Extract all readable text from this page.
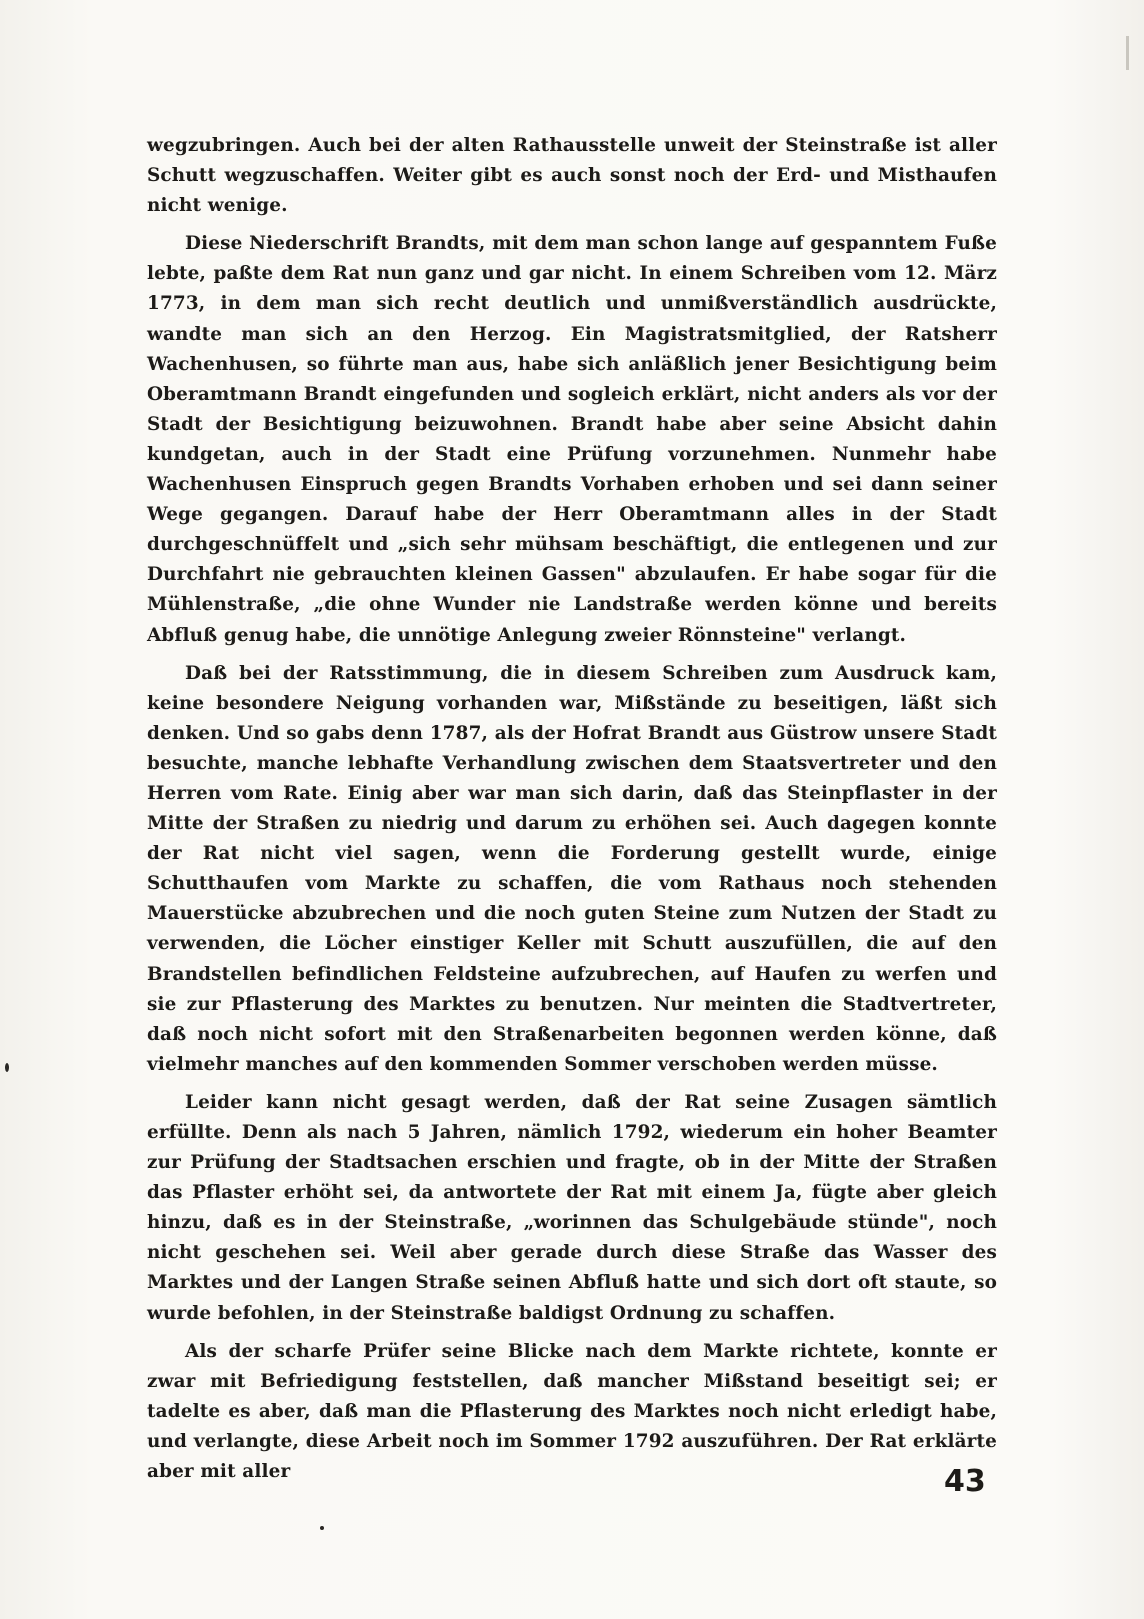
wegzubringen. Auch bei der alten Rathausstelle unweit der Steinstraße ist aller Schutt wegzuschaffen. Weiter gibt es auch sonst noch der Erd- und Misthaufen nicht wenige.

Diese Niederschrift Brandts, mit dem man schon lange auf gespanntem Fuße lebte, paßte dem Rat nun ganz und gar nicht. In einem Schreiben vom 12. März 1773, in dem man sich recht deutlich und unmißverständlich ausdrückte, wandte man sich an den Herzog. Ein Magistratsmitglied, der Ratsherr Wachenhusen, so führte man aus, habe sich anläßlich jener Besichtigung beim Oberamtmann Brandt eingefunden und sogleich erklärt, nicht anders als vor der Stadt der Besichtigung beizuwohnen. Brandt habe aber seine Absicht dahin kundgetan, auch in der Stadt eine Prüfung vorzunehmen. Nunmehr habe Wachenhusen Einspruch gegen Brandts Vorhaben erhoben und sei dann seiner Wege gegangen. Darauf habe der Herr Oberamtmann alles in der Stadt durchgeschnüffelt und „sich sehr mühsam beschäftigt, die entlegenen und zur Durchfahrt nie gebrauchten kleinen Gassen" abzulaufen. Er habe sogar für die Mühlenstraße, „die ohne Wunder nie Landstraße werden könne und bereits Abfluß genug habe, die unnötige Anlegung zweier Rönnsteine" verlangt.

Daß bei der Ratsstimmung, die in diesem Schreiben zum Ausdruck kam, keine besondere Neigung vorhanden war, Mißstände zu beseitigen, läßt sich denken. Und so gabs denn 1787, als der Hofrat Brandt aus Güstrow unsere Stadt besuchte, manche lebhafte Verhandlung zwischen dem Staatsvertreter und den Herren vom Rate. Einig aber war man sich darin, daß das Steinpflaster in der Mitte der Straßen zu niedrig und darum zu erhöhen sei. Auch dagegen konnte der Rat nicht viel sagen, wenn die Forderung gestellt wurde, einige Schutthaufen vom Markte zu schaffen, die vom Rathaus noch stehenden Mauerstücke abzubrechen und die noch guten Steine zum Nutzen der Stadt zu verwenden, die Löcher einstiger Keller mit Schutt auszufüllen, die auf den Brandstellen befindlichen Feldsteine aufzubrechen, auf Haufen zu werfen und sie zur Pflasterung des Marktes zu benutzen. Nur meinten die Stadtvertreter, daß noch nicht sofort mit den Straßenarbeiten begonnen werden könne, daß vielmehr manches auf den kommenden Sommer verschoben werden müsse.

Leider kann nicht gesagt werden, daß der Rat seine Zusagen sämtlich erfüllte. Denn als nach 5 Jahren, nämlich 1792, wiederum ein hoher Beamter zur Prüfung der Stadtsachen erschien und fragte, ob in der Mitte der Straßen das Pflaster erhöht sei, da antwortete der Rat mit einem Ja, fügte aber gleich hinzu, daß es in der Steinstraße, „worinnen das Schulgebäude stünde", noch nicht geschehen sei. Weil aber gerade durch diese Straße das Wasser des Marktes und der Langen Straße seinen Abfluß hatte und sich dort oft staute, so wurde befohlen, in der Steinstraße baldigst Ordnung zu schaffen.

Als der scharfe Prüfer seine Blicke nach dem Markte richtete, konnte er zwar mit Befriedigung feststellen, daß mancher Mißstand beseitigt sei; er tadelte es aber, daß man die Pflasterung des Marktes noch nicht erledigt habe, und verlangte, diese Arbeit noch im Sommer 1792 auszuführen. Der Rat erklärte aber mit aller	43
